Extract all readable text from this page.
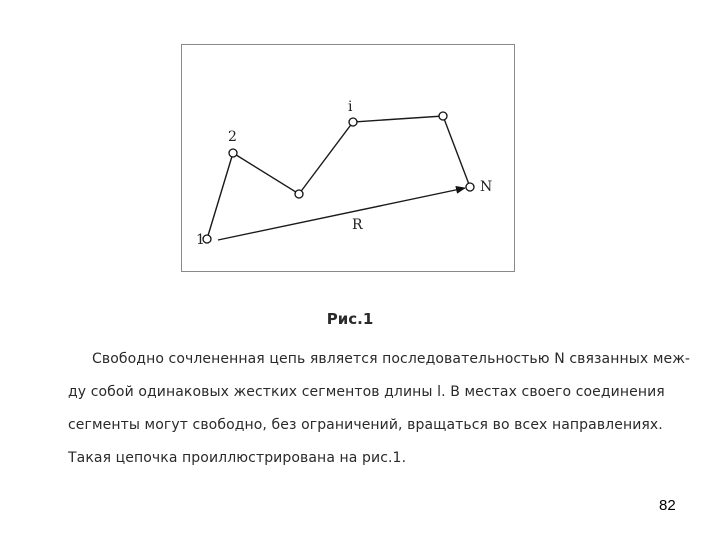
1
2
i
N
R
Рис.1
Свободно сочлененная цепь является последовательностью N связанных меж-
ду собой одинаковых жестких сегментов длины l. В местах своего соединения
сегменты могут свободно, без ограничений, вращаться во всех направлениях.
Такая цепочка проиллюстрирована на рис.1.
82
